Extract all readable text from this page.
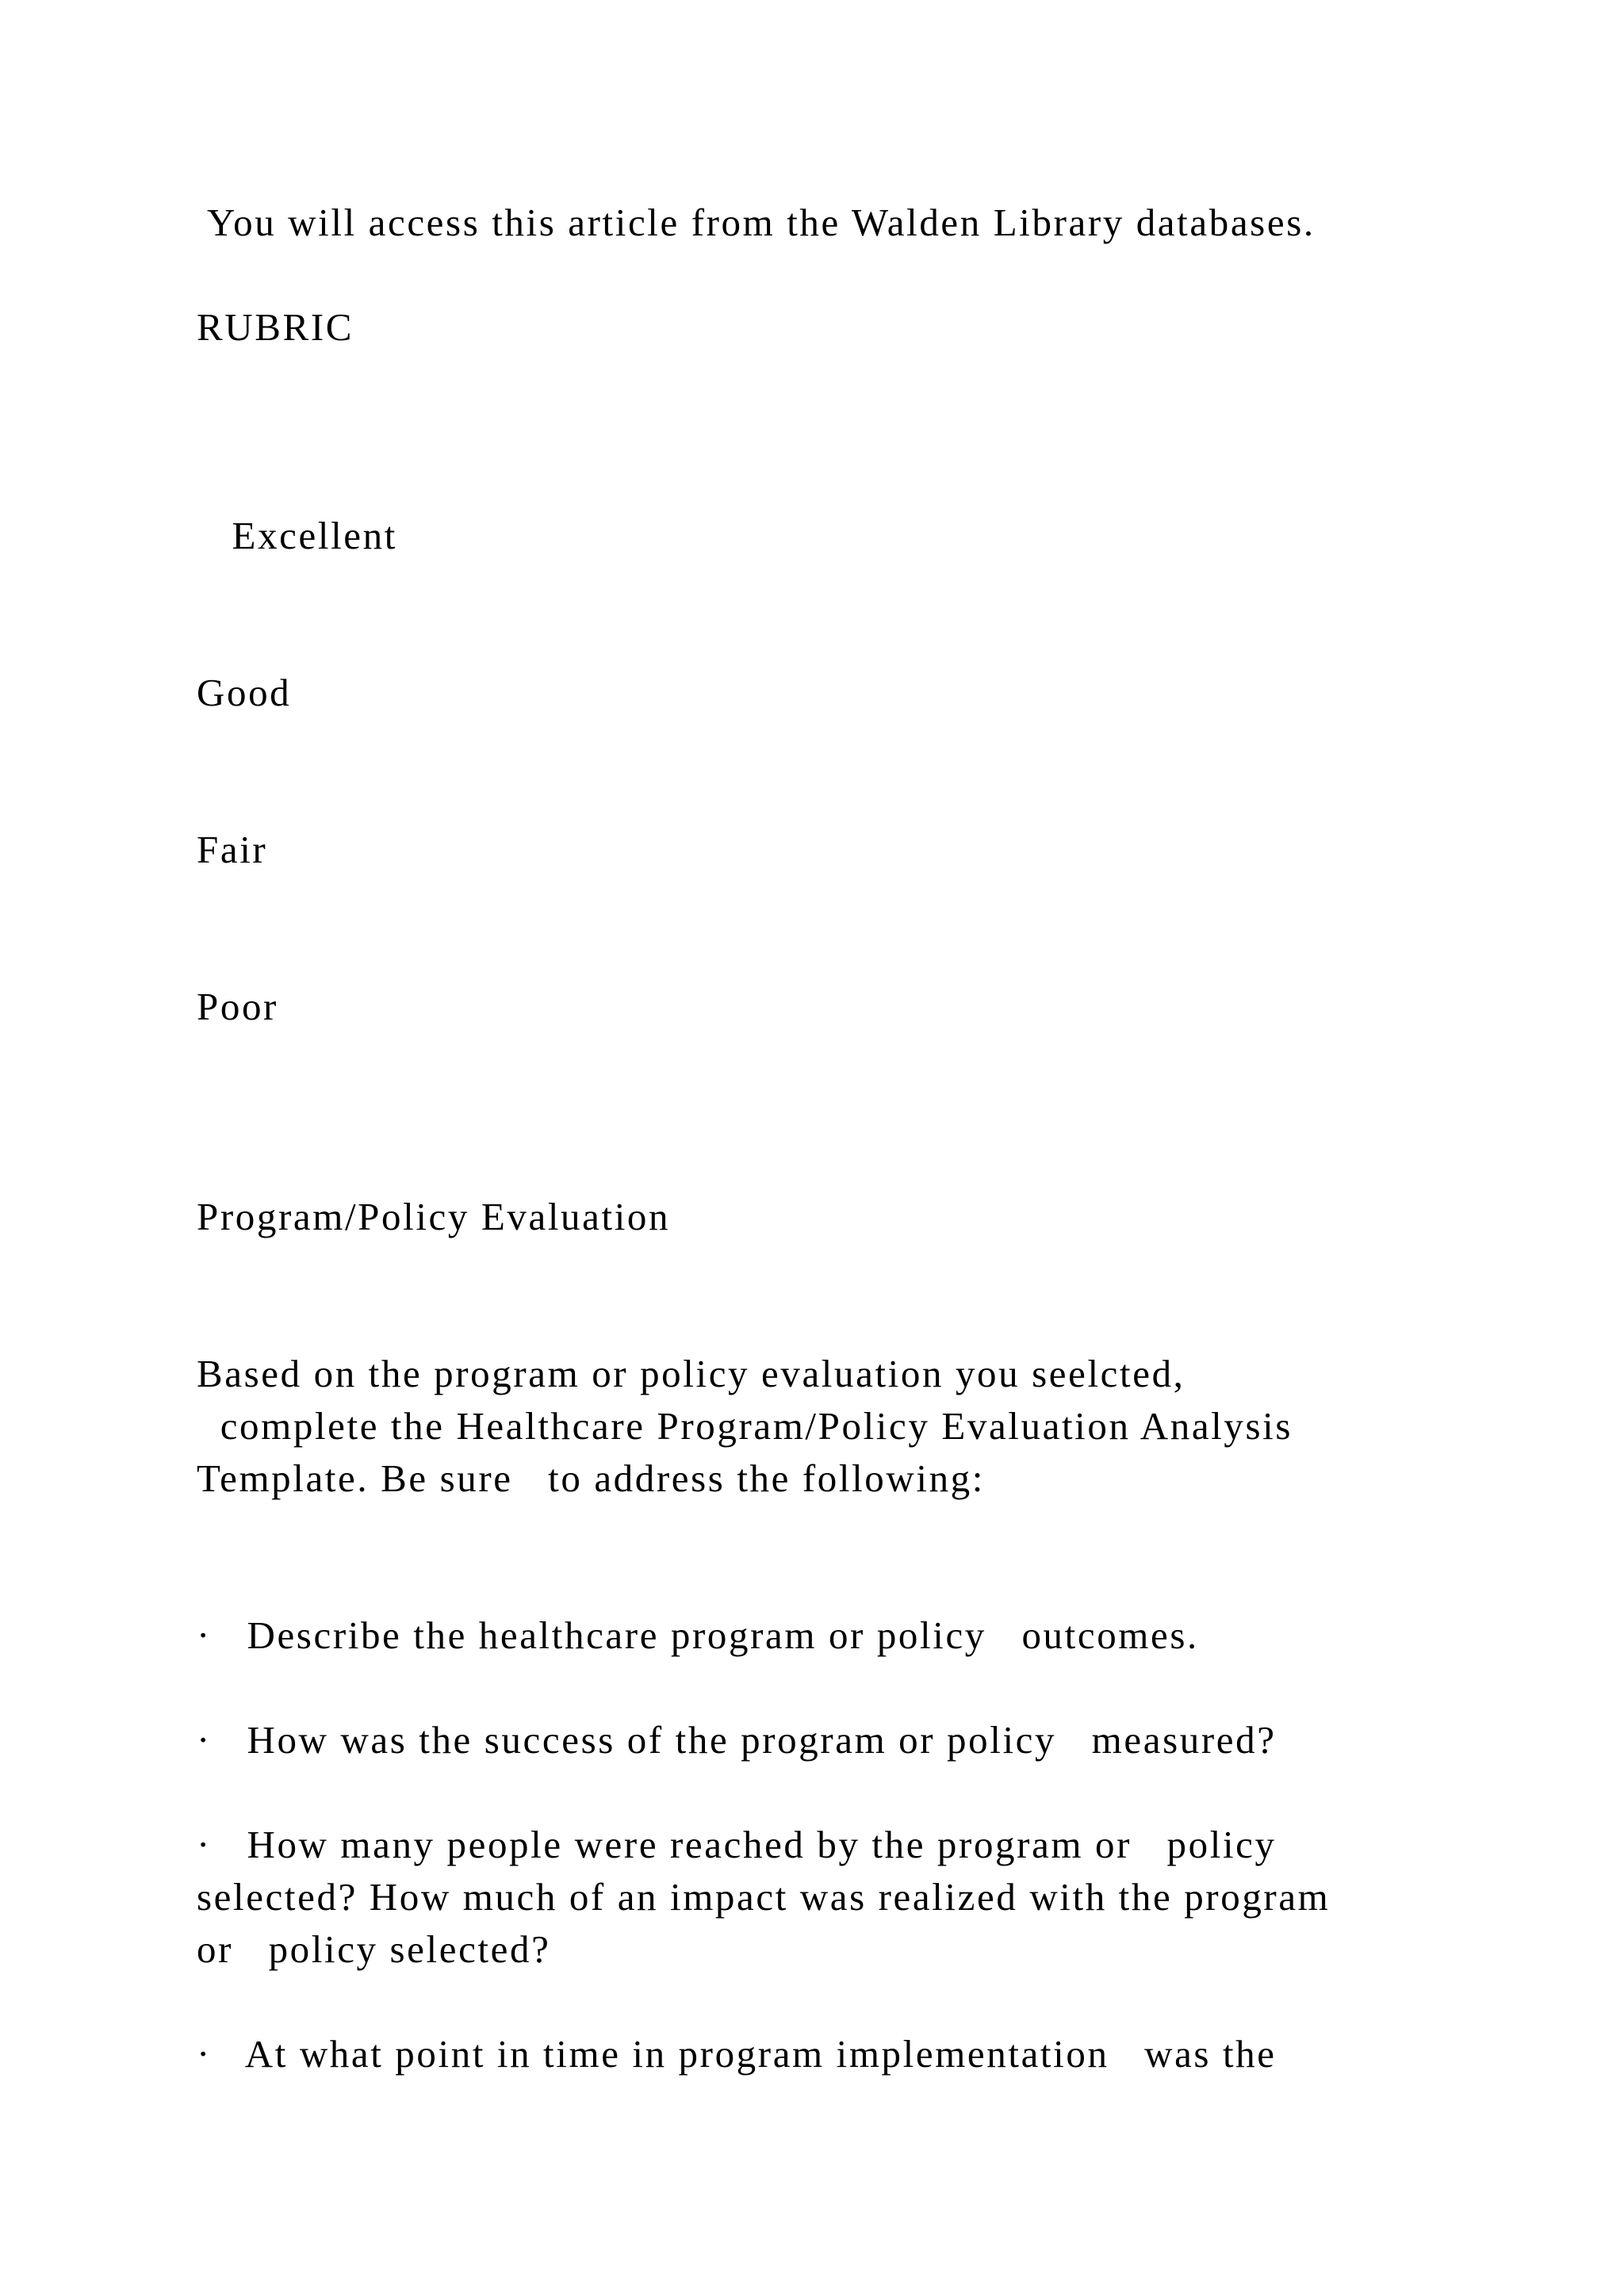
You will access this article from the Walden Library databases.

RUBRIC

Excellent

Good

Fair

Poor

Program/Policy Evaluation

Based on the program or policy evaluation you seelcted,

complete the Healthcare Program/Policy Evaluation Analysis

Template. Be sure   to address the following:

·   Describe the healthcare program or policy   outcomes.

·   How was the success of the program or policy   measured?

·   How many people were reached by the program or   policy

selected? How much of an impact was realized with the program

or   policy selected?

·   At what point in time in program implementation   was the
